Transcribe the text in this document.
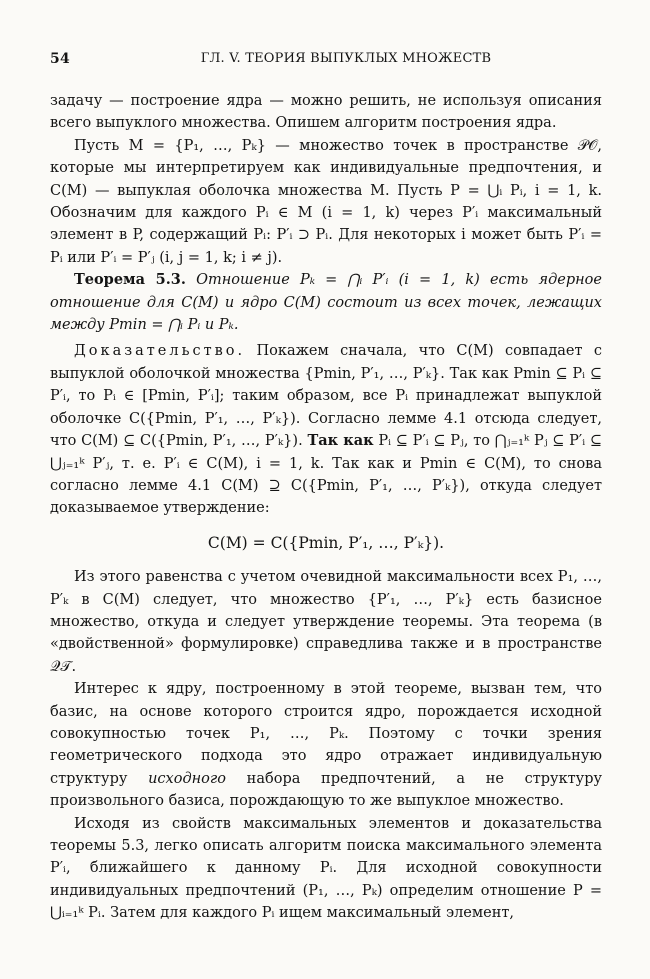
54	ГЛ. V. ТЕОРИЯ ВЫПУКЛЫХ МНОЖЕСТВ

задачу — построение ядра — можно решить, не используя описания всего выпуклого множества. Опишем алгоритм построения ядра.

Пусть M = {P₁, …, Pₖ} — множество точек в пространстве 𝒫𝒪, которые мы интерпретируем как индивидуальные предпочтения, и C(M) — выпуклая оболочка множества M. Пусть P = ⋃ᵢ Pᵢ, i = 1, k. Обозначим для каждого Pᵢ ∈ M (i = 1, k) через P′ᵢ максимальный элемент в P, содержащий Pᵢ: P′ᵢ ⊃ Pᵢ. Для некоторых i может быть P′ᵢ = Pᵢ или P′ᵢ = P′ⱼ (i, j = 1, k; i ≠ j).

Теорема 5.3. Отношение Pₖ = ⋂ᵢ P′ᵢ (i = 1, k) есть ядерное отношение для C(M) и ядро C(M) состоит из всех точек, лежащих между Pmin = ⋂ᵢ Pᵢ и Pₖ.

Доказательство. Покажем сначала, что C(M) совпадает с выпуклой оболочкой множества {Pmin, P′₁, …, P′ₖ}. Так как Pmin ⊆ Pᵢ ⊆ P′ᵢ, то Pᵢ ∈ [Pmin, P′ᵢ]; таким образом, все Pᵢ принадлежат выпуклой оболочке C({Pmin, P′₁, …, P′ₖ}). Согласно лемме 4.1 отсюда следует, что C(M) ⊆ C({Pmin, P′₁, …, P′ₖ}). Так как Pᵢ ⊆ P′ᵢ ⊆ Pⱼ, то ⋂ⱼ₌₁ᵏ Pⱼ ⊆ P′ᵢ ⊆ ⋃ⱼ₌₁ᵏ P′ⱼ, т. е. P′ᵢ ∈ C(M), i = 1, k. Так как и Pmin ∈ C(M), то снова согласно лемме 4.1 C(M) ⊇ C({Pmin, P′₁, …, P′ₖ}), откуда следует доказываемое утверждение:

C(M) = C({Pmin, P′₁, …, P′ₖ}).

Из этого равенства с учетом очевидной максимальности всех P₁, …, P′ₖ в C(M) следует, что множество {P′₁, …, P′ₖ} есть базисное множество, откуда и следует утверждение теоремы. Эта теорема (в «двойственной» формулировке) справедлива также и в пространстве 𝒬𝒯.

Интерес к ядру, построенному в этой теореме, вызван тем, что базис, на основе которого строится ядро, порождается исходной совокупностью точек P₁, …, Pₖ. Поэтому с точки зрения геометрического подхода это ядро отражает индивидуальную структуру исходного набора предпочтений, а не структуру произвольного базиса, порождающую то же выпуклое множество.

Исходя из свойств максимальных элементов и доказательства теоремы 5.3, легко описать алгоритм поиска максимального элемента P′ᵢ, ближайшего к данному Pᵢ. Для исходной совокупности индивидуальных предпочтений (P₁, …, Pₖ) определим отношение P = ⋃ᵢ₌₁ᵏ Pᵢ. Затем для каждого Pᵢ ищем максимальный элемент,
